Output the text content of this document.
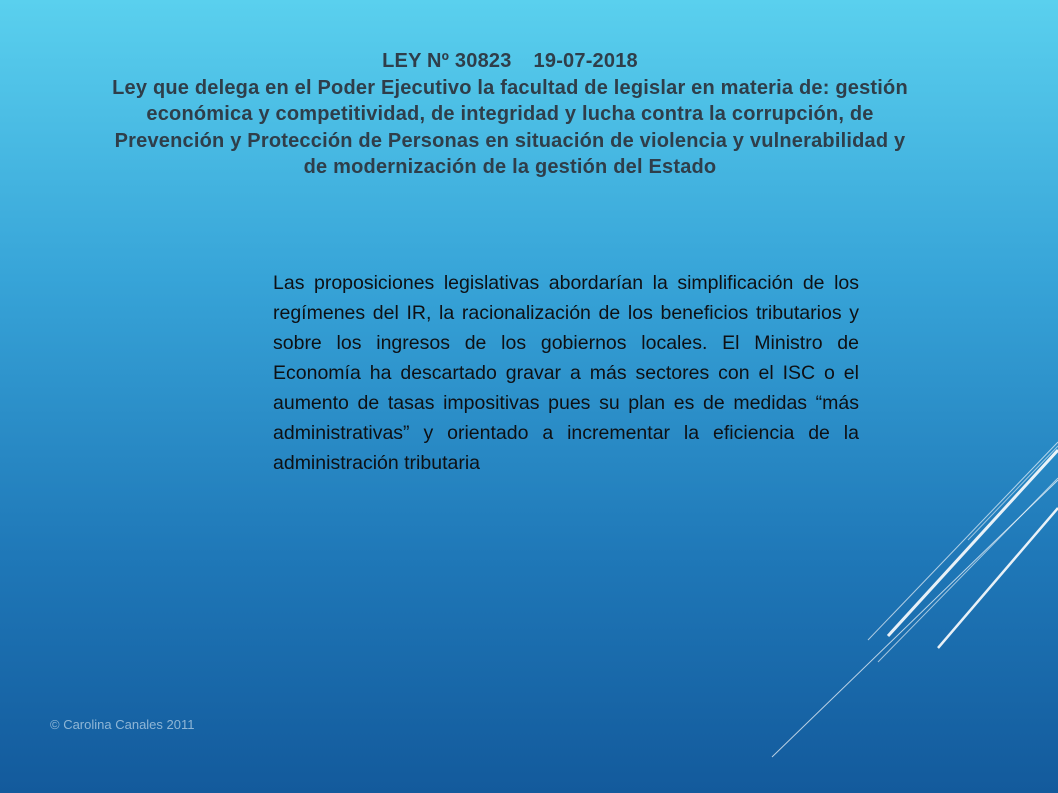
LEY Nº 30823 19-07-2018
Ley que delega en el Poder Ejecutivo la facultad de legislar en materia de: gestión económica y competitividad, de integridad y lucha contra la corrupción, de Prevención y Protección de Personas en situación de violencia y vulnerabilidad y de modernización de la gestión del Estado
Las proposiciones legislativas abordarían la simplificación de los regímenes del IR, la racionalización de los beneficios tributarios y sobre los ingresos de los gobiernos locales. El Ministro de Economía ha descartado gravar a más sectores con el ISC o el aumento de tasas impositivas pues su plan es de medidas “más administrativas” y orientado a incrementar la eficiencia de la administración tributaria
© Carolina Canales 2011
